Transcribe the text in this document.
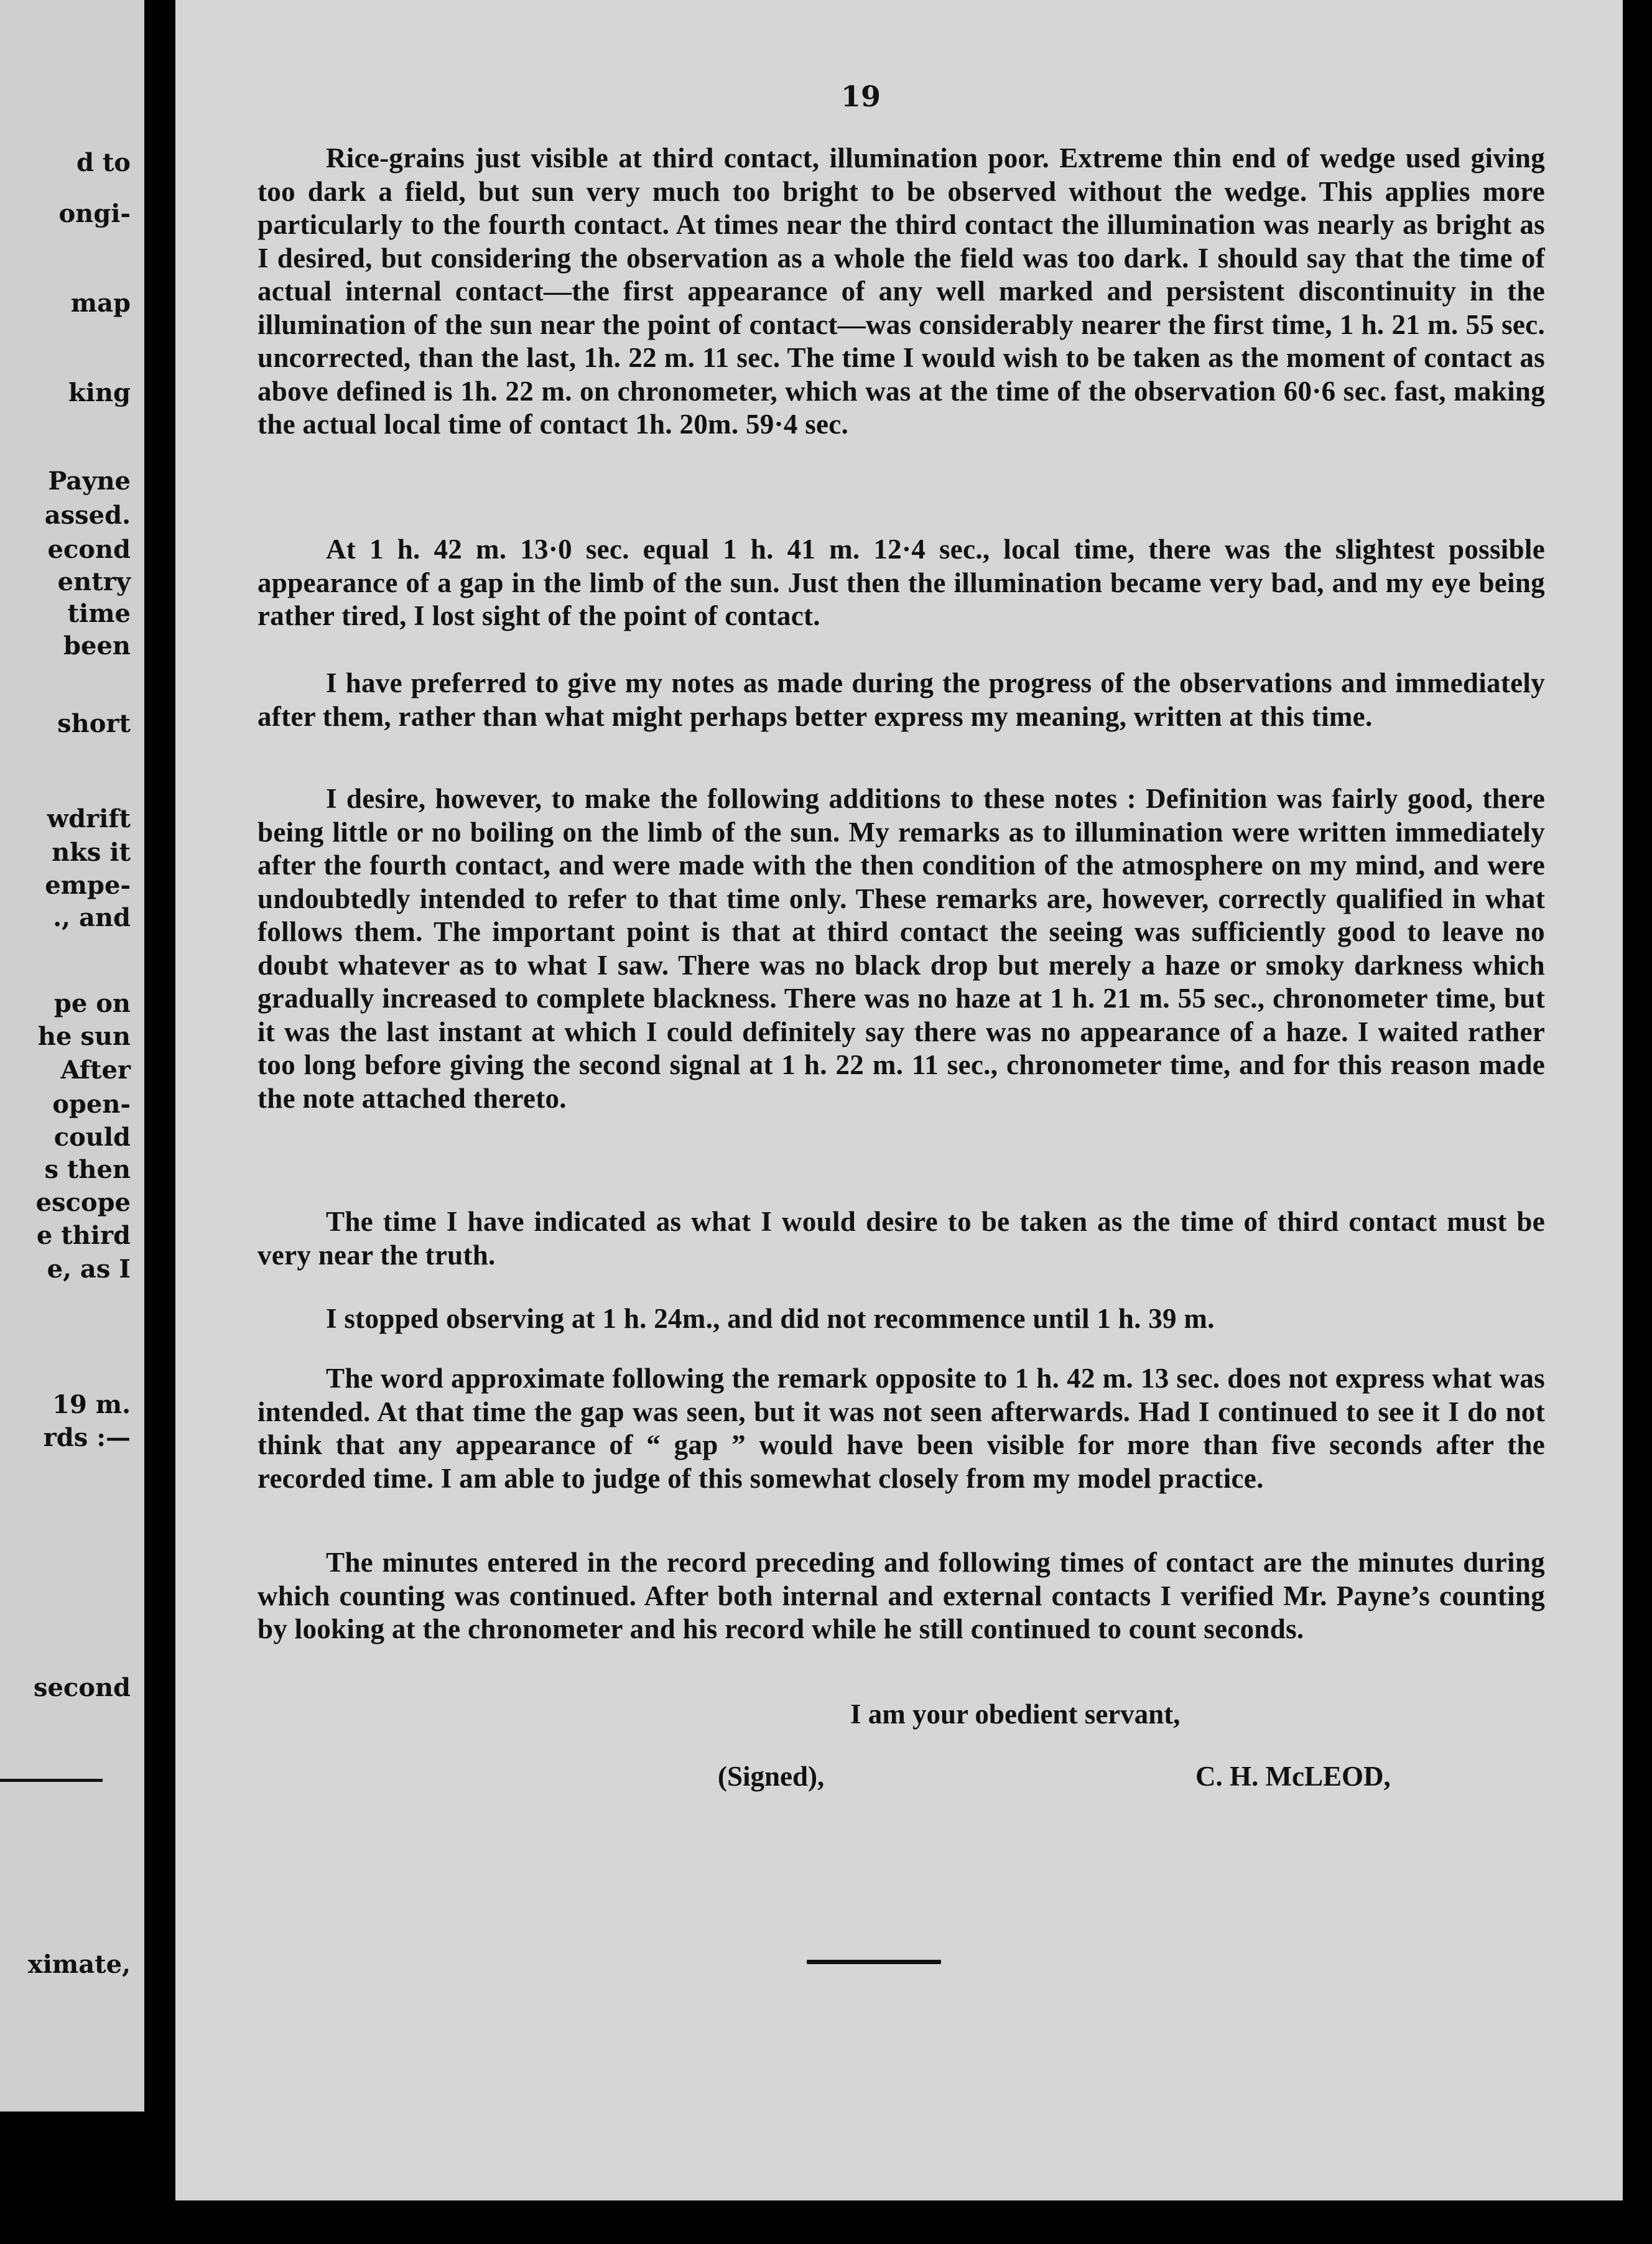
d to
ongi-
map
king
Payne
assed.
econd
entry
time
been
short
wdrift
nks it
empe-
., and
pe on
he sun
After
open-
could
s then
escope
e third
e, as I
19 m.
rds :—
second
ximate,
19

Rice-grains just visible at third contact, illumination poor. Extreme thin end of wedge used giving too dark a field, but sun very much too bright to be observed without the wedge. This applies more particularly to the fourth contact. At times near the third contact the illumination was nearly as bright as I desired, but considering the observation as a whole the field was too dark. I should say that the time of actual internal contact—the first appearance of any well marked and persistent discontinuity in the illumination of the sun near the point of contact—was considerably nearer the first time, 1 h. 21 m. 55 sec. uncorrected, than the last, 1h. 22 m. 11 sec. The time I would wish to be taken as the moment of contact as above defined is 1h. 22 m. on chronometer, which was at the time of the observation 60·6 sec. fast, making the actual local time of contact 1h. 20m. 59·4 sec.

At 1 h. 42 m. 13·0 sec. equal 1 h. 41 m. 12·4 sec., local time, there was the slightest possible appearance of a gap in the limb of the sun. Just then the illumination became very bad, and my eye being rather tired, I lost sight of the point of contact.

I have preferred to give my notes as made during the progress of the observations and immediately after them, rather than what might perhaps better express my meaning, written at this time.

I desire, however, to make the following additions to these notes : Definition was fairly good, there being little or no boiling on the limb of the sun. My remarks as to illumination were written immediately after the fourth contact, and were made with the then condition of the atmosphere on my mind, and were undoubtedly intended to refer to that time only. These remarks are, however, correctly qualified in what follows them. The important point is that at third contact the seeing was sufficiently good to leave no doubt whatever as to what I saw. There was no black drop but merely a haze or smoky darkness which gradually increased to complete blackness. There was no haze at 1 h. 21 m. 55 sec., chronometer time, but it was the last instant at which I could definitely say there was no appearance of a haze. I waited rather too long before giving the second signal at 1 h. 22 m. 11 sec., chronometer time, and for this reason made the note attached thereto.

The time I have indicated as what I would desire to be taken as the time of third contact must be very near the truth.

I stopped observing at 1 h. 24m., and did not recommence until 1 h. 39 m.

The word approximate following the remark opposite to 1 h. 42 m. 13 sec. does not express what was intended. At that time the gap was seen, but it was not seen afterwards. Had I continued to see it I do not think that any appearance of “ gap ” would have been visible for more than five seconds after the recorded time. I am able to judge of this somewhat closely from my model practice.

The minutes entered in the record preceding and following times of contact are the minutes during which counting was continued. After both internal and external contacts I verified Mr. Payne’s counting by looking at the chronometer and his record while he still continued to count seconds.

I am your obedient servant,
(Signed),	C. H. McLEOD,
